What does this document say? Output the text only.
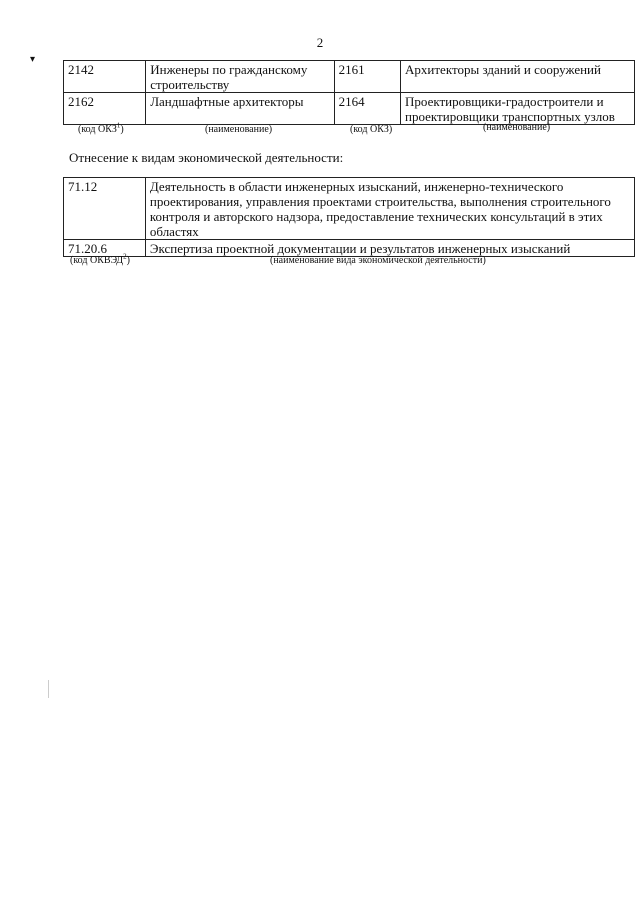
2
▾
2142	Инженеры по гражданскому строительству	2161	Архитекторы зданий и сооружений
2162	Ландшафтные архитекторы	2164	Проектировщики-градостроители и проектировщики транспортных узлов
(код ОКЗ$^1$)	(наименование)	(код ОКЗ)	(наименование)
Отнесение к видам экономической деятельности:
71.12	Деятельность в области инженерных изысканий, инженерно-технического проектирования, управления проектами строительства, выполнения строительного контроля и авторского надзора, предоставление технических консультаций в этих областях
71.20.6	Экспертиза проектной документации и результатов инженерных изысканий
(код ОКВЭД$^2$)	(наименование вида экономической деятельности)
